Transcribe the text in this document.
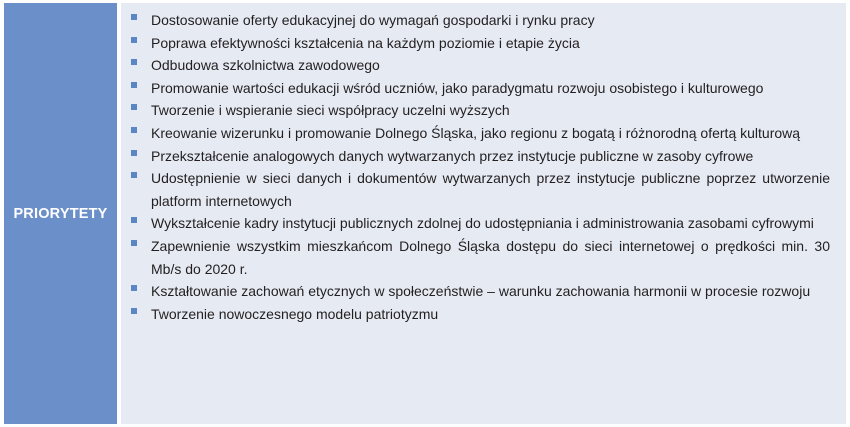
PRIORYTETY
Dostosowanie oferty edukacyjnej do wymagań gospodarki i rynku pracy
Poprawa efektywności kształcenia na każdym poziomie i etapie życia
Odbudowa szkolnictwa zawodowego
Promowanie wartości edukacji wśród uczniów, jako paradygmatu rozwoju osobistego i kulturowego
Tworzenie i wspieranie sieci współpracy uczelni wyższych
Kreowanie wizerunku i promowanie Dolnego Śląska, jako regionu z bogatą i różnorodną ofertą kulturową
Przekształcenie analogowych danych wytwarzanych przez instytucje publiczne w zasoby cyfrowe
Udostępnienie w sieci danych i dokumentów wytwarzanych przez instytucje publiczne poprzez utworzenie platform internetowych
Wykształcenie kadry instytucji publicznych zdolnej do udostępniania i administrowania zasobami cyfrowymi
Zapewnienie wszystkim mieszkańcom Dolnego Śląska dostępu do sieci internetowej o prędkości min. 30 Mb/s do 2020 r.
Kształtowanie zachowań etycznych w społeczeństwie – warunku zachowania harmonii w procesie rozwoju
Tworzenie nowoczesnego modelu patriotyzmu
